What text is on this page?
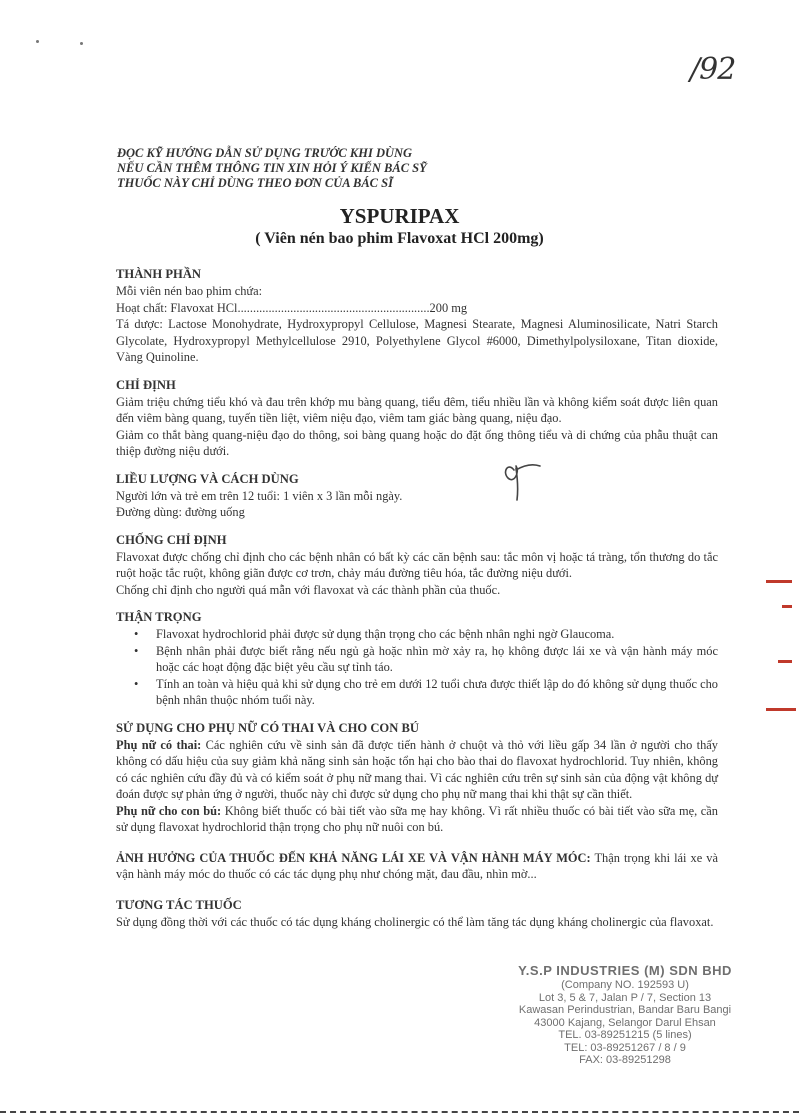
/92
ĐỌC KỸ HƯỚNG DẪN SỬ DỤNG TRƯỚC KHI DÙNG
NẾU CẦN THÊM THÔNG TIN XIN HỎI Ý KIẾN BÁC SỸ
THUỐC NÀY CHỈ DÙNG THEO ĐƠN CỦA BÁC SĨ
YSPURIPAX
( Viên nén bao phim Flavoxat HCl 200mg)
THÀNH PHẦN

Mỗi viên nén bao phim chứa:

Hoạt chất: Flavoxat HCl..............................................................200 mg

Tá dược: Lactose Monohydrate, Hydroxypropyl Cellulose, Magnesi Stearate, Magnesi Aluminosilicate, Natri Starch Glycolate, Hydroxypropyl Methylcellulose 2910, Polyethylene Glycol #6000, Dimethylpolysiloxane, Titan dioxide, Vàng Quinoline.

CHỈ ĐỊNH

Giảm triệu chứng tiểu khó và đau trên khớp mu bàng quang, tiểu đêm, tiểu nhiều lần và không kiểm soát được liên quan đến viêm bàng quang, tuyến tiền liệt, viêm niệu đạo, viêm tam giác bàng quang, niệu đạo.

Giảm co thắt bàng quang-niệu đạo do thông, soi bàng quang hoặc do đặt ống thông tiểu và di chứng của phẫu thuật can thiệp đường niệu dưới.

LIỀU LƯỢNG VÀ CÁCH DÙNG

Người lớn và trẻ em trên 12 tuổi: 1 viên x 3 lần mỗi ngày.

Đường dùng: đường uống

CHỐNG CHỈ ĐỊNH

Flavoxat được chống chỉ định cho các bệnh nhân có bất kỳ các căn bệnh sau: tắc môn vị hoặc tá tràng, tổn thương do tắc ruột hoặc tắc ruột, không giãn được cơ trơn, chảy máu đường tiêu hóa, tắc đường niệu dưới.

Chống chỉ định cho người quá mẫn với flavoxat và các thành phần của thuốc.

THẬN TRỌNG
• Flavoxat hydrochlorid phải được sử dụng thận trọng cho các bệnh nhân nghi ngờ Glaucoma.
• Bệnh nhân phải được biết rằng nếu ngủ gà hoặc nhìn mờ xảy ra, họ không được lái xe và vận hành máy móc hoặc các hoạt động đặc biệt yêu cầu sự tỉnh táo.
• Tính an toàn và hiệu quả khi sử dụng cho trẻ em dưới 12 tuổi chưa được thiết lập do đó không sử dụng thuốc cho bệnh nhân thuộc nhóm tuổi này.
SỬ DỤNG CHO PHỤ NỮ CÓ THAI VÀ CHO CON BÚ

Phụ nữ có thai: Các nghiên cứu về sinh sản đã được tiến hành ở chuột và thỏ với liều gấp 34 lần ở người cho thấy không có dấu hiệu của suy giảm khả năng sinh sản hoặc tổn hại cho bào thai do flavoxat hydrochlorid. Tuy nhiên, không có các nghiên cứu đầy đủ và có kiểm soát ở phụ nữ mang thai. Vì các nghiên cứu trên sự sinh sản của động vật không dự đoán được sự phản ứng ở người, thuốc này chỉ được sử dụng cho phụ nữ mang thai khi thật sự cần thiết.

Phụ nữ cho con bú: Không biết thuốc có bài tiết vào sữa mẹ hay không. Vì rất nhiều thuốc có bài tiết vào sữa mẹ, cần sử dụng flavoxat hydrochlorid thận trọng cho phụ nữ nuôi con bú.

ẢNH HƯỞNG CỦA THUỐC ĐẾN KHẢ NĂNG LÁI XE VÀ VẬN HÀNH MÁY MÓC: Thận trọng khi lái xe và vận hành máy móc do thuốc có các tác dụng phụ như chóng mặt, đau đầu, nhìn mờ...

TƯƠNG TÁC THUỐC

Sử dụng đồng thời với các thuốc có tác dụng kháng cholinergic có thể làm tăng tác dụng kháng cholinergic của flavoxat.

Y.S.P INDUSTRIES (M) SDN BHD
(Company NO. 192593 U)
Lot 3, 5 & 7, Jalan P / 7, Section 13
Kawasan Perindustrian, Bandar Baru Bangi
43000 Kajang, Selangor Darul Ehsan
TEL. 03-89251215 (5 lines)
TEL: 03-89251267 / 8 / 9
FAX: 03-89251298
